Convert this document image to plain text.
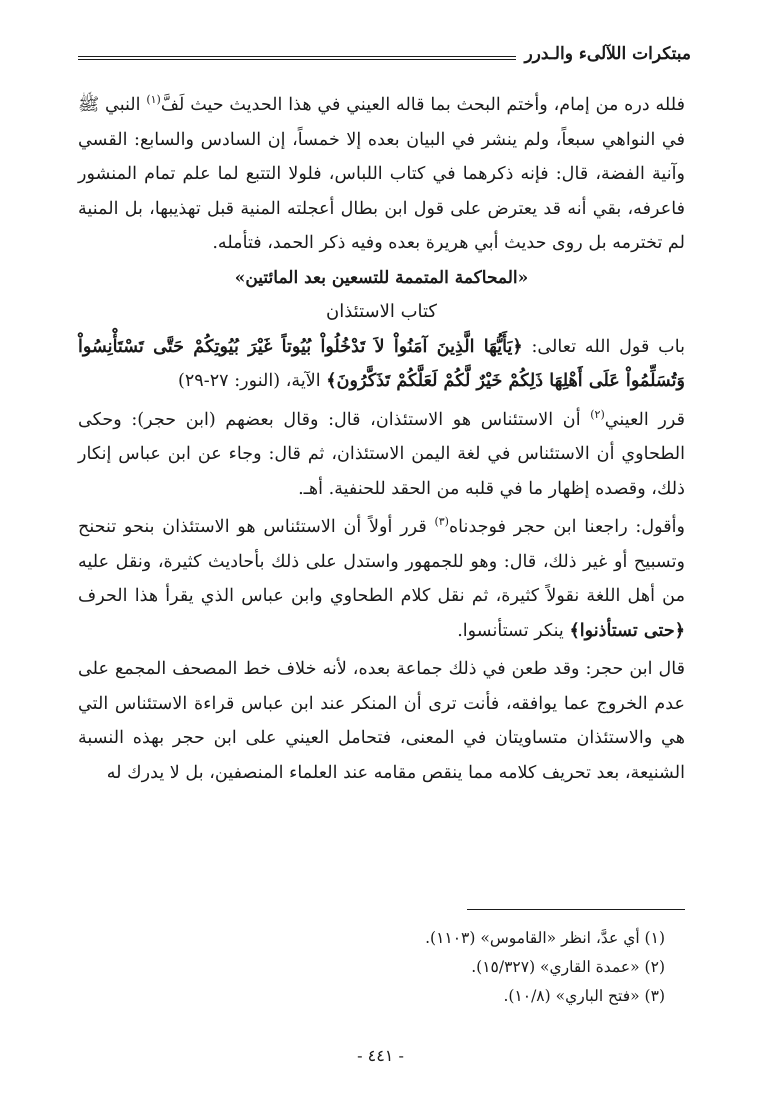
مبتكرات اللآلىء والـدرر

فلله دره من إمام، وأختم البحث بما قاله العيني في هذا الحديث حيث لَفَّ$^{(١)}$ النبي ﷺ في النواهي سبعاً، ولم ينشر في البيان بعده إلا خمساً، إن السادس والسابع: القسي وآنية الفضة، قال: فإنه ذكرهما في كتاب اللباس، فلولا التتبع لما علم تمام المنشور فاعرفه، بقي أنه قد يعترض على قول ابن بطال أعجلته المنية قبل تهذيبها، بل المنية لم تخترمه بل روى حديث أبي هريرة بعده وفيه ذكر الحمد، فتأمله.

«المحاكمة المتممة للتسعين بعد المائتين»

كتاب الاستئذان

باب قول الله تعالى: ﴿يَأَيُّهَا الَّذِينَ آمَنُواْ لاَ تَدْخُلُواْ بُيُوتاً غَيْرَ بُيُوتِكُمْ حَتَّى تَسْتَأْنِسُواْ وَتُسَلِّمُواْ عَلَى أَهْلِهَا ذَلِكُمْ خَيْرٌ لَّكُمْ لَعَلَّكُمْ تَذَكَّرُونَ﴾ الآية، (النور: ٢٧-٢٩)

قرر العيني$^{(٢)}$ أن الاستئناس هو الاستئذان، قال: وقال بعضهم (ابن حجر): وحكى الطحاوي أن الاستئناس في لغة اليمن الاستئذان، ثم قال: وجاء عن ابن عباس إنكار ذلك، وقصده إظهار ما في قلبه من الحقد للحنفية. أهـ.

وأقول: راجعنا ابن حجر فوجدناه$^{(٣)}$ قرر أولاً أن الاستئناس هو الاستئذان بنحو تنحنح وتسبيح أو غير ذلك، قال: وهو للجمهور واستدل على ذلك بأحاديث كثيرة، ونقل عليه من أهل اللغة نقولاً كثيرة، ثم نقل كلام الطحاوي وابن عباس الذي يقرأ هذا الحرف ﴿حتى تستأذنوا﴾ ينكر تستأنسوا.

قال ابن حجر: وقد طعن في ذلك جماعة بعده، لأنه خلاف خط المصحف المجمع على عدم الخروج عما يوافقه، فأنت ترى أن المنكر عند ابن عباس قراءة الاستئناس التي هي والاستئذان متساويتان في المعنى، فتحامل العيني على ابن حجر بهذه النسبة الشنيعة، بعد تحريف كلامه مما ينقص مقامه عند العلماء المنصفين، بل لا يدرك له

(١) أي عدَّ، انظر «القاموس» (١١٠٣).
(٢) «عمدة القاري» (١٥/٣٢٧).
(٣) «فتح الباري» (١٠/٨).
- ٤٤١ -
